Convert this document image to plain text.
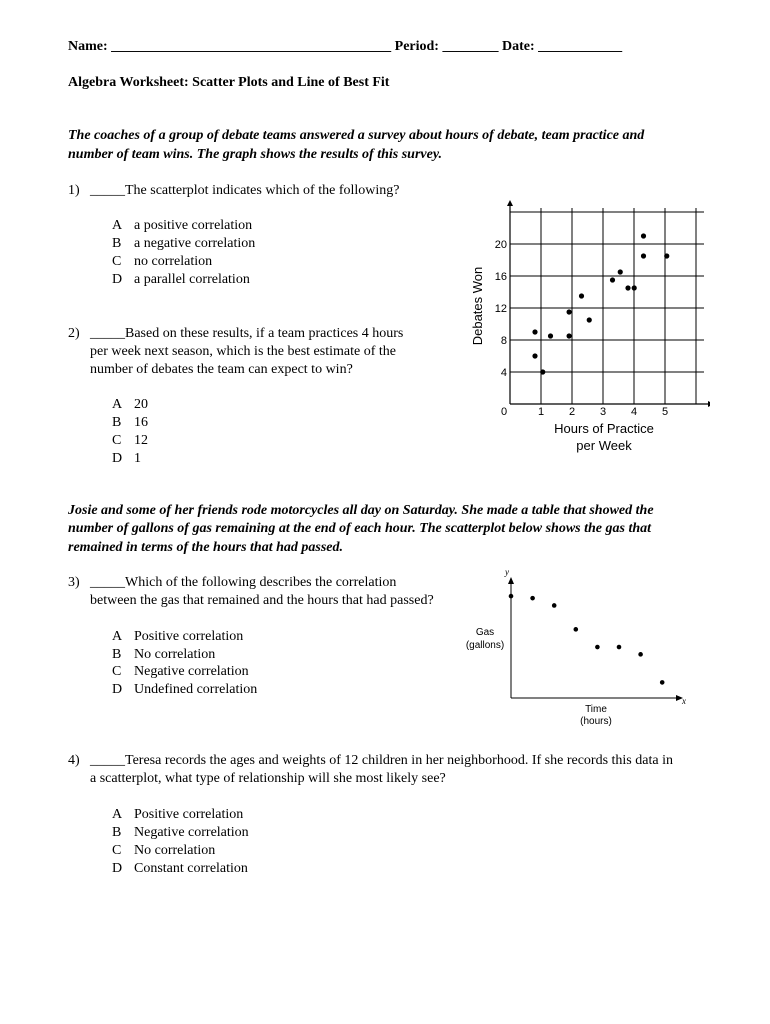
Name: ________________________________________ Period: ________ Date: ____________
Algebra Worksheet: Scatter Plots and Line of Best Fit
The coaches of a group of debate teams answered a survey about hours of debate, team practice and
number of team wins. The graph shows the results of this survey.
1) _____The scatterplot indicates which of the following?
A a positive correlation
B a negative correlation
C no correlation
D a parallel correlation
2) _____Based on these results, if a team practices 4 hours
per week next season, which is the best estimate of the
number of debates the team can expect to win?
A 20
B 16
C 12
D 1
1 2 3 4 5
4
8
12
16
20
0
Debates Won
Hours of Practice
per Week
Josie and some of her friends rode motorcycles all day on Saturday. She made a table that showed the
number of gallons of gas remaining at the end of each hour. The scatterplot below shows the gas that
remained in terms of the hours that had passed.
3) _____Which of the following describes the correlation
between the gas that remained and the hours that had passed?
A Positive correlation
B No correlation
C Negative correlation
D Undefined correlation
y
x
Gas
(gallons)
Time
(hours)
4) _____Teresa records the ages and weights of 12 children in her neighborhood. If she records this data in
a scatterplot, what type of relationship will she most likely see?
A Positive correlation
B Negative correlation
C No correlation
D Constant correlation
